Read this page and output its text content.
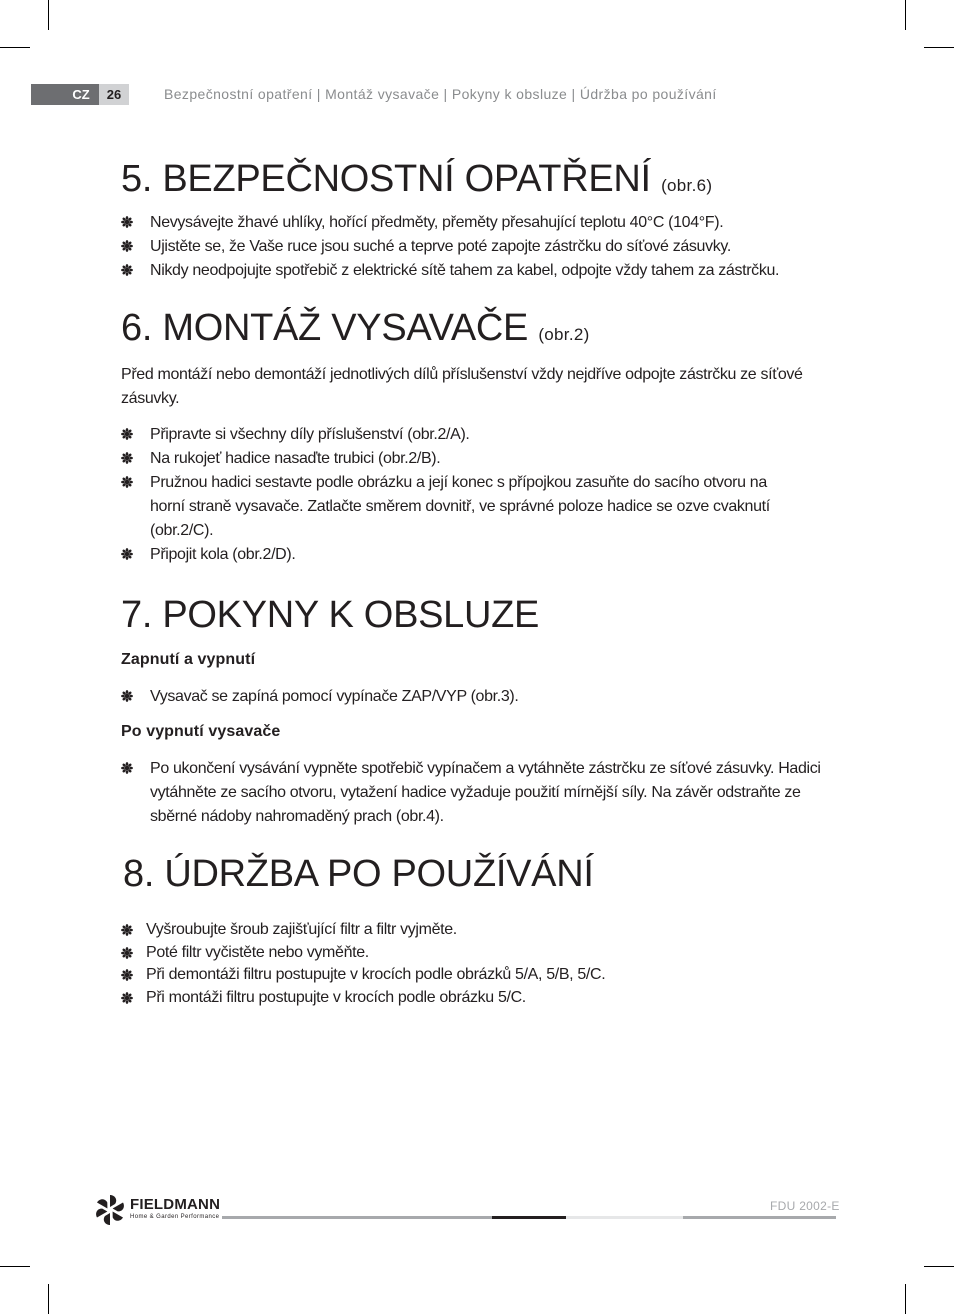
CZ	26	Bezpečnostní opatření | Montáž vysavače | Pokyny k obsluze | Údržba po používání
5. BEZPEČNOSTNÍ OPATŘENÍ (obr.6)
Nevysávejte žhavé uhlíky, hořící předměty, přeměty přesahující teplotu 40°C (104°F).
Ujistěte se, že Vaše ruce jsou suché a teprve poté zapojte zástrčku do síťové zásuvky.
Nikdy neodpojujte spotřebič z elektrické sítě tahem za kabel, odpojte vždy tahem za zástrčku.
6. MONTÁŽ VYSAVAČE (obr.2)

Před montáží nebo demontáží jednotlivých dílů příslušenství vždy nejdříve odpojte zástrčku ze síťové zásuvky.

Připravte si všechny díly příslušenství (obr.2/A).
Na rukojeť hadice nasaďte trubici (obr.2/B).
Pružnou hadici sestavte podle obrázku a její konec s přípojkou zasuňte do sacího otvoru na horní straně vysavače. Zatlačte směrem dovnitř, ve správné poloze hadice se ozve cvaknutí (obr.2/C).
Připojit kola (obr.2/D).
7. POKYNY K OBSLUZE
Zapnutí a vypnutí
Vysavač se zapíná pomocí vypínače ZAP/VYP (obr.3).
Po vypnutí vysavače
Po ukončení vysávání vypněte spotřebič vypínačem a vytáhněte zástrčku ze síťové zásuvky. Hadici vytáhněte ze sacího otvoru, vytažení hadice vyžaduje použití mírnější síly. Na závěr odstraňte ze sběrné nádoby nahromaděný prach (obr.4).
8. ÚDRŽBA PO POUŽÍVÁNÍ
Vyšroubujte šroub zajišťující filtr a filtr vyjměte.
Poté filtr vyčistěte nebo vyměňte.
Při demontáži filtru postupujte v krocích podle obrázků 5/A, 5/B, 5/C.
Při montáži filtru postupujte v krocích podle obrázku 5/C.
FIELDMANN
Home & Garden Performance
FDU 2002-E
